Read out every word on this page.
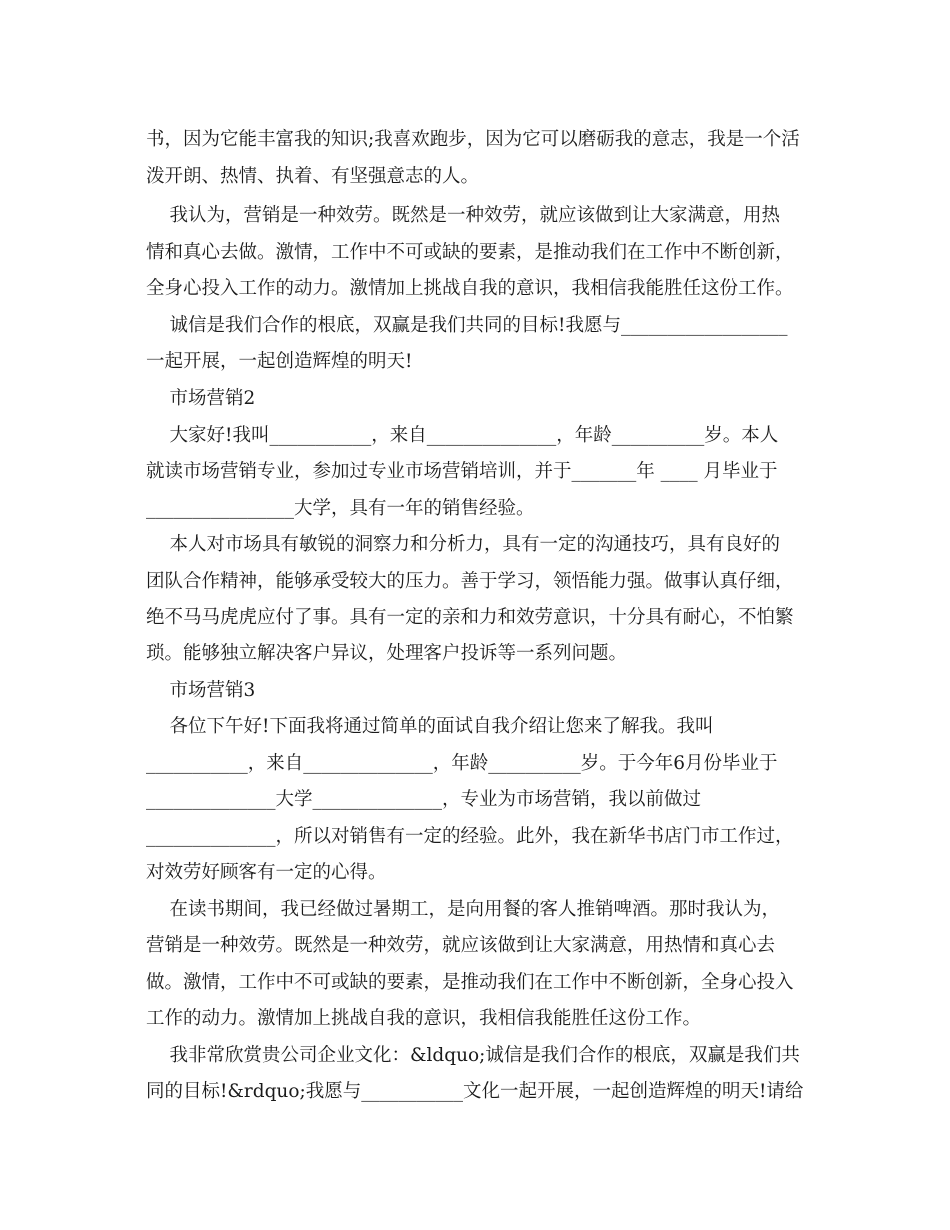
书，因为它能丰富我的知识;我喜欢跑步，因为它可以磨砺我的意志，我是一个活
泼开朗、热情、执着、有坚强意志的人。
我认为，营销是一种效劳。既然是一种效劳，就应该做到让大家满意，用热
情和真心去做。激情，工作中不可或缺的要素，是推动我们在工作中不断创新，
全身心投入工作的动力。激情加上挑战自我的意识，我相信我能胜任这份工作。
诚信是我们合作的根底，双赢是我们共同的目标!我愿与__________________
一起开展，一起创造辉煌的明天!
市场营销2
大家好!我叫___________，来自______________，年龄__________岁。本人
就读市场营销专业，参加过专业市场营销培训，并于_______年 ____ 月毕业于
________________大学，具有一年的销售经验。
本人对市场具有敏锐的洞察力和分析力，具有一定的沟通技巧，具有良好的
团队合作精神，能够承受较大的压力。善于学习，领悟能力强。做事认真仔细，
绝不马马虎虎应付了事。具有一定的亲和力和效劳意识，十分具有耐心，不怕繁
琐。能够独立解决客户异议，处理客户投诉等一系列问题。
市场营销3
各位下午好!下面我将通过简单的面试自我介绍让您来了解我。我叫
___________，来自______________，年龄__________岁。于今年6月份毕业于
______________大学______________，专业为市场营销，我以前做过
______________，所以对销售有一定的经验。此外，我在新华书店门市工作过，
对效劳好顾客有一定的心得。
在读书期间，我已经做过暑期工，是向用餐的客人推销啤酒。那时我认为，
营销是一种效劳。既然是一种效劳，就应该做到让大家满意，用热情和真心去
做。激情，工作中不可或缺的要素，是推动我们在工作中不断创新，全身心投入
工作的动力。激情加上挑战自我的意识，我相信我能胜任这份工作。
我非常欣赏贵公司企业文化：&ldquo;诚信是我们合作的根底，双赢是我们共
同的目标!&rdquo;我愿与___________文化一起开展，一起创造辉煌的明天!请给
